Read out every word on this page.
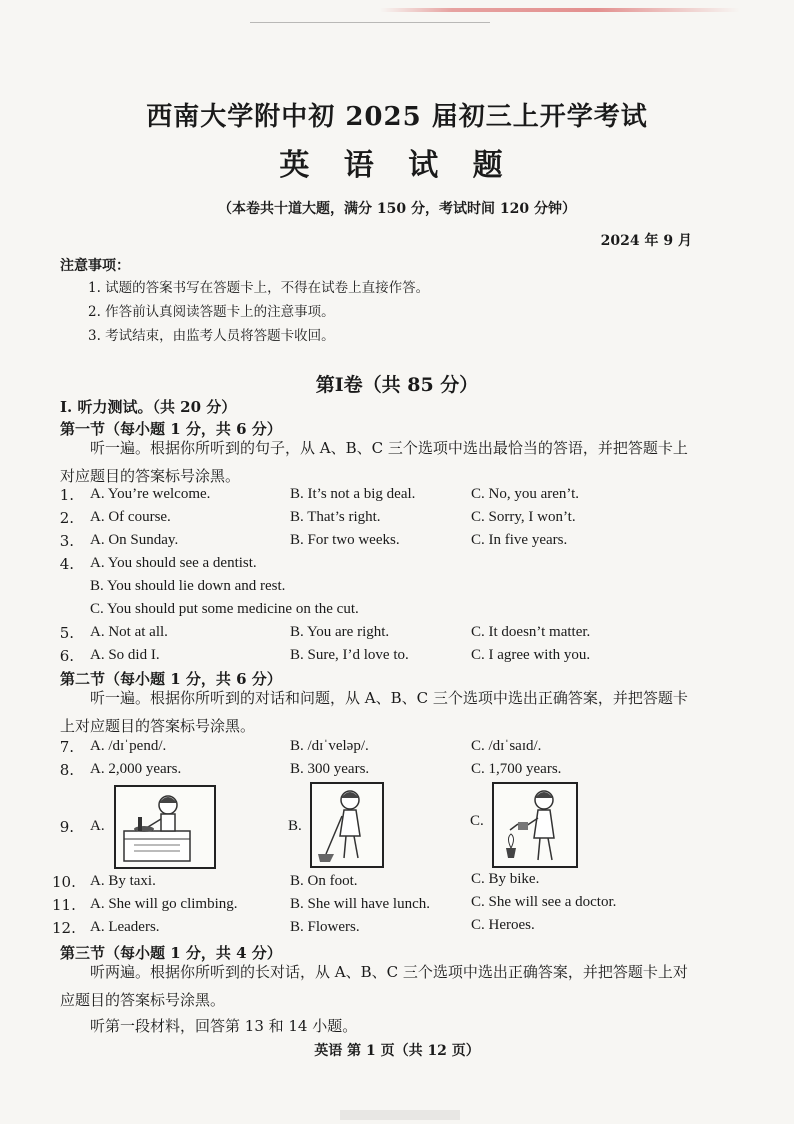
西南大学附中初 2025 届初三上开学考试
英 语 试 题
（本卷共十道大题，满分 150 分，考试时间 120 分钟）
2024 年 9 月
注意事项：
1. 试题的答案书写在答题卡上，不得在试卷上直接作答。
2. 作答前认真阅读答题卡上的注意事项。
3. 考试结束，由监考人员将答题卡收回。
第Ⅰ卷（共 85 分）
I. 听力测试。（共 20 分）
第一节（每小题 1 分，共 6 分）
听一遍。根据你所听到的句子，从 A、B、C 三个选项中选出最恰当的答语，并把答题卡上对应题目的答案标号涂黑。
1. A. You’re welcome.	B. It’s not a big deal.	C. No, you aren’t.
2. A. Of course.	B. That’s right.	C. Sorry, I won’t.
3. A. On Sunday.	B. For two weeks.	C. In five years.
4. A. You should see a dentist.
B. You should lie down and rest.
C. You should put some medicine on the cut.
5. A. Not at all.	B. You are right.	C. It doesn’t matter.
6. A. So did I.	B. Sure, I’d love to.	C. I agree with you.
第二节（每小题 1 分，共 6 分）
听一遍。根据你所听到的对话和问题，从 A、B、C 三个选项中选出正确答案，并把答题卡上对应题目的答案标号涂黑。
7. A. /dɪˈpend/.	B. /dɪˈveləp/.	C. /dɪˈsaɪd/.
8. A. 2,000 years.	B. 300 years.	C. 1,700 years.
9. A.	B.	C.
10. A. By taxi.	B. On foot.	C. By bike.
11. A. She will go climbing.	B. She will have lunch.	C. She will see a doctor.
12. A. Leaders.	B. Flowers.	C. Heroes.
第三节（每小题 1 分，共 4 分）
听两遍。根据你所听到的长对话，从 A、B、C 三个选项中选出正确答案，并把答题卡上对应题目的答案标号涂黑。
听第一段材料，回答第 13 和 14 小题。
英语 第 1 页（共 12 页）
